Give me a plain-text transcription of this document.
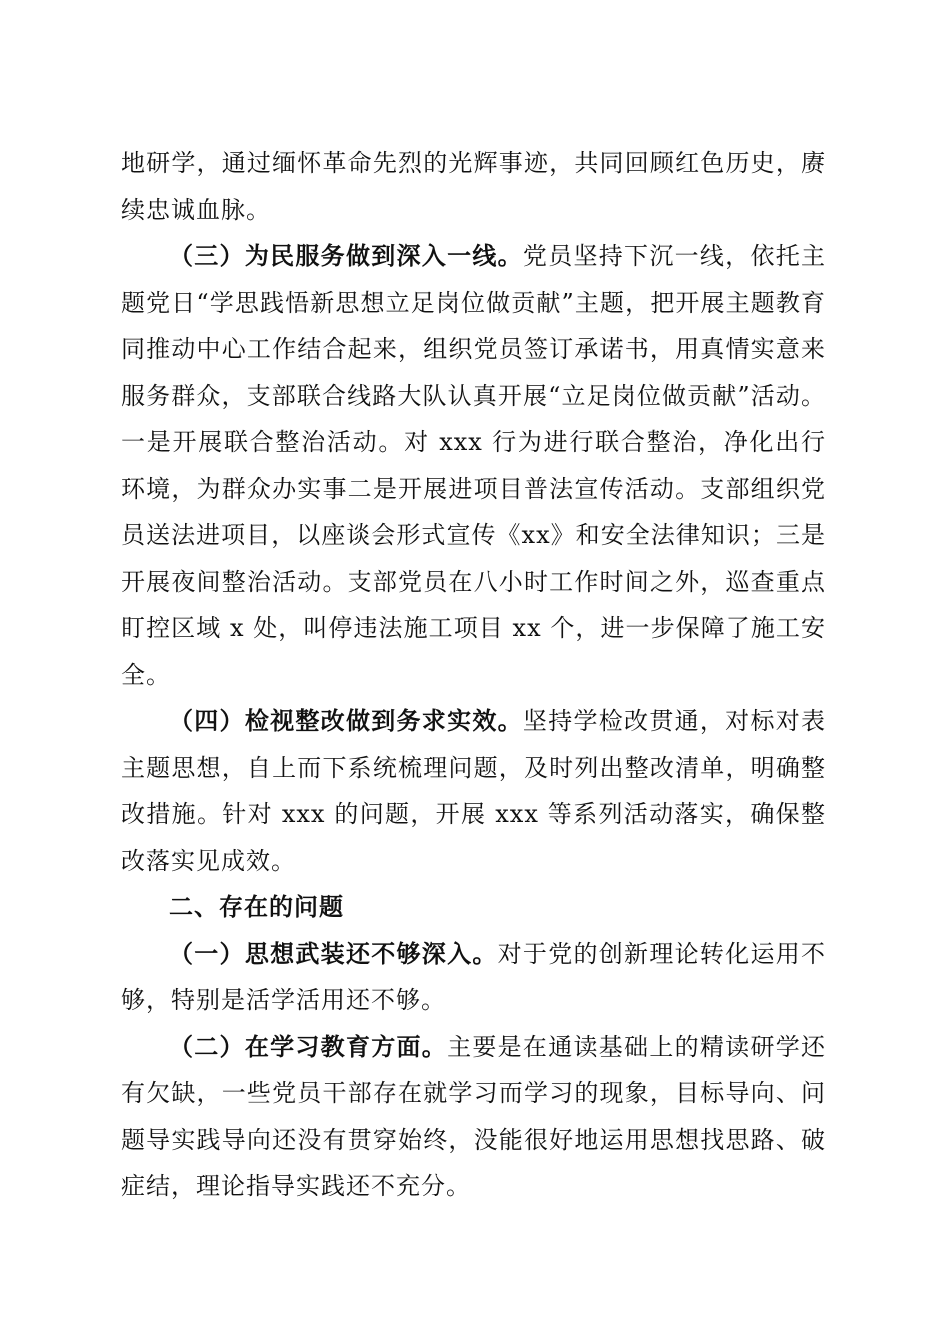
地研学，通过缅怀革命先烈的光辉事迹，共同回顾红色历史，赓续忠诚血脉。

（三）为民服务做到深入一线。党员坚持下沉一线，依托主题党日“学思践悟新思想立足岗位做贡献”主题，把开展主题教育同推动中心工作结合起来，组织党员签订承诺书，用真情实意来服务群众，支部联合线路大队认真开展“立足岗位做贡献”活动。一是开展联合整治活动。对 xxx 行为进行联合整治，净化出行环境，为群众办实事二是开展进项目普法宣传活动。支部组织党员送法进项目，以座谈会形式宣传《xx》和安全法律知识；三是开展夜间整治活动。支部党员在八小时工作时间之外，巡查重点盯控区域 x 处，叫停违法施工项目 xx 个，进一步保障了施工安全。

（四）检视整改做到务求实效。坚持学检改贯通，对标对表主题思想，自上而下系统梳理问题，及时列出整改清单，明确整改措施。针对 xxx 的问题，开展 xxx 等系列活动落实，确保整改落实见成效。

二、存在的问题

（一）思想武装还不够深入。对于党的创新理论转化运用不够，特别是活学活用还不够。

（二）在学习教育方面。主要是在通读基础上的精读研学还有欠缺，一些党员干部存在就学习而学习的现象，目标导向、问题导实践导向还没有贯穿始终，没能很好地运用思想找思路、破症结，理论指导实践还不充分。
